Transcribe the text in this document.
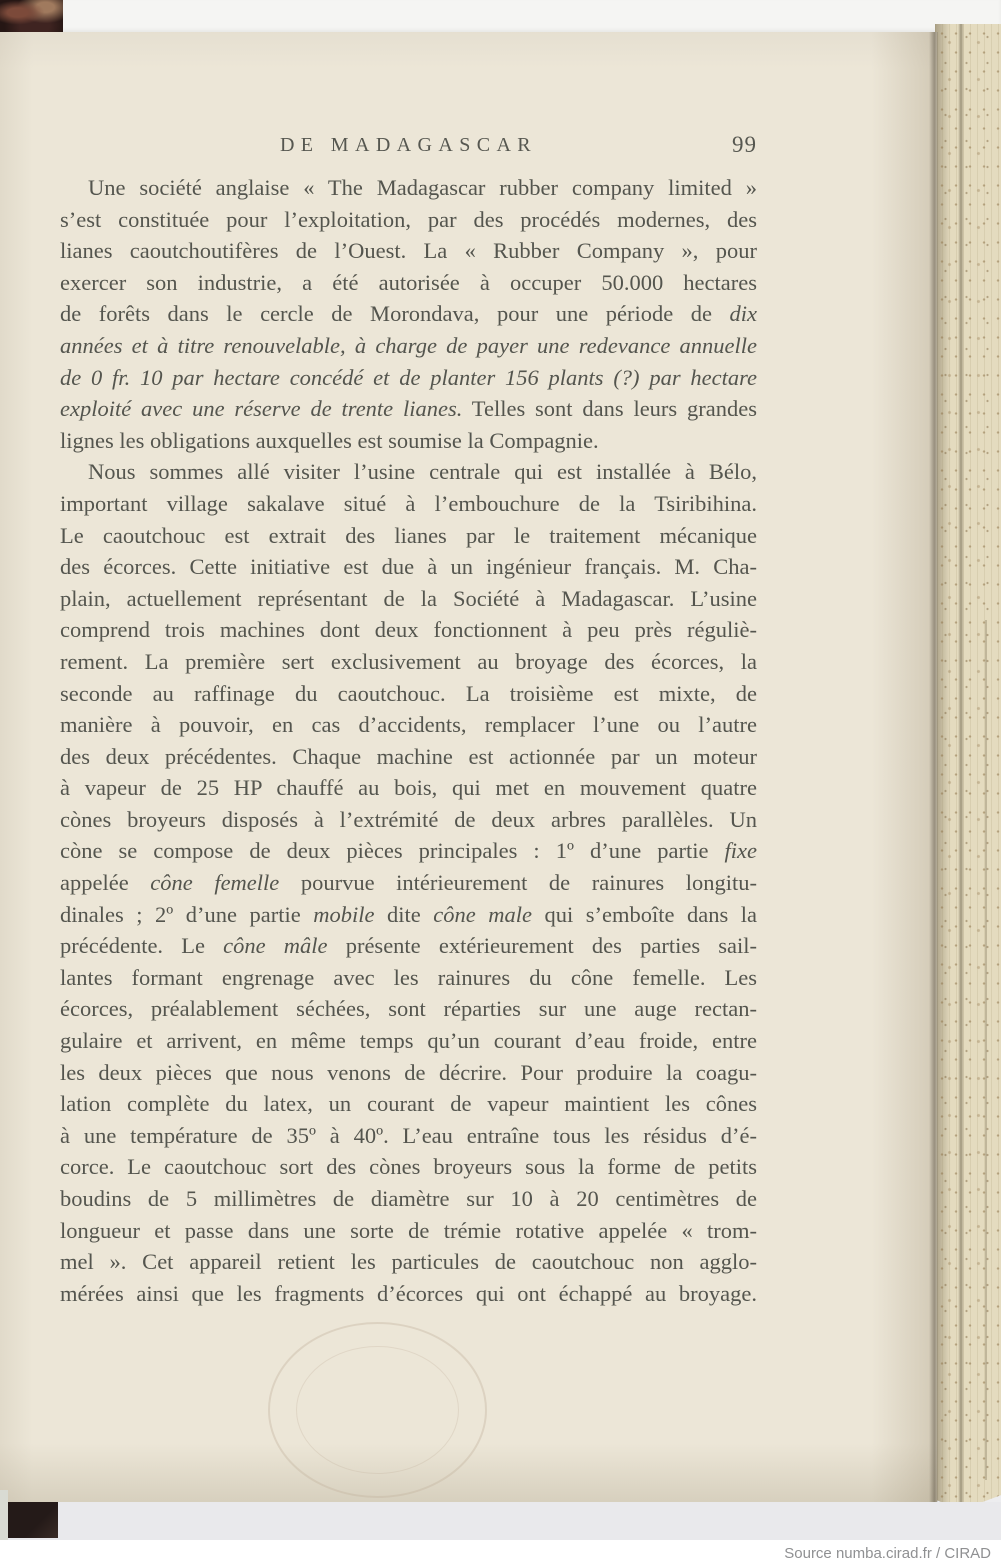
DE MADAGASCAR	99
Une société anglaise « The Madagascar rubber company limited »
s’est constituée pour l’exploitation, par des procédés modernes, des
lianes caoutchoutifères de l’Ouest. La « Rubber Company », pour
exercer son industrie, a été autorisée à occuper 50.000 hectares
de forêts dans le cercle de Morondava, pour une période de dix
années et à titre renouvelable, à charge de payer une redevance annuelle
de 0 fr. 10 par hectare concédé et de planter 156 plants (?) par hectare
exploité avec une réserve de trente lianes. Telles sont dans leurs grandes
lignes les obligations auxquelles est soumise la Compagnie.
Nous sommes allé visiter l’usine centrale qui est installée à Bélo,
important village sakalave situé à l’embouchure de la Tsiribihina.
Le caoutchouc est extrait des lianes par le traitement mécanique
des écorces. Cette initiative est due à un ingénieur français. M. Cha-
plain, actuellement représentant de la Société à Madagascar. L’usine
comprend trois machines dont deux fonctionnent à peu près réguliè-
rement. La première sert exclusivement au broyage des écorces, la
seconde au raffinage du caoutchouc. La troisième est mixte, de
manière à pouvoir, en cas d’accidents, remplacer l’une ou l’autre
des deux précédentes. Chaque machine est actionnée par un moteur
à vapeur de 25 HP chauffé au bois, qui met en mouvement quatre
cònes broyeurs disposés à l’extrémité de deux arbres parallèles. Un
còne se compose de deux pièces principales : 1º d’une partie fixe
appelée cône femelle pourvue intérieurement de rainures longitu-
dinales ; 2º d’une partie mobile dite cône male qui s’emboîte dans la
précédente. Le cône mâle présente extérieurement des parties sail-
lantes formant engrenage avec les rainures du cône femelle. Les
écorces, préalablement séchées, sont réparties sur une auge rectan-
gulaire et arrivent, en même temps qu’un courant d’eau froide, entre
les deux pièces que nous venons de décrire. Pour produire la coagu-
lation complète du latex, un courant de vapeur maintient les cônes
à une température de 35º à 40º. L’eau entraîne tous les résidus d’é-
corce. Le caoutchouc sort des cònes broyeurs sous la forme de petits
boudins de 5 millimètres de diamètre sur 10 à 20 centimètres de
longueur et passe dans une sorte de trémie rotative appelée « trom-
mel ». Cet appareil retient les particules de caoutchouc non agglo-
mérées ainsi que les fragments d’écorces qui ont échappé au broyage.
Source numba.cirad.fr / CIRAD
